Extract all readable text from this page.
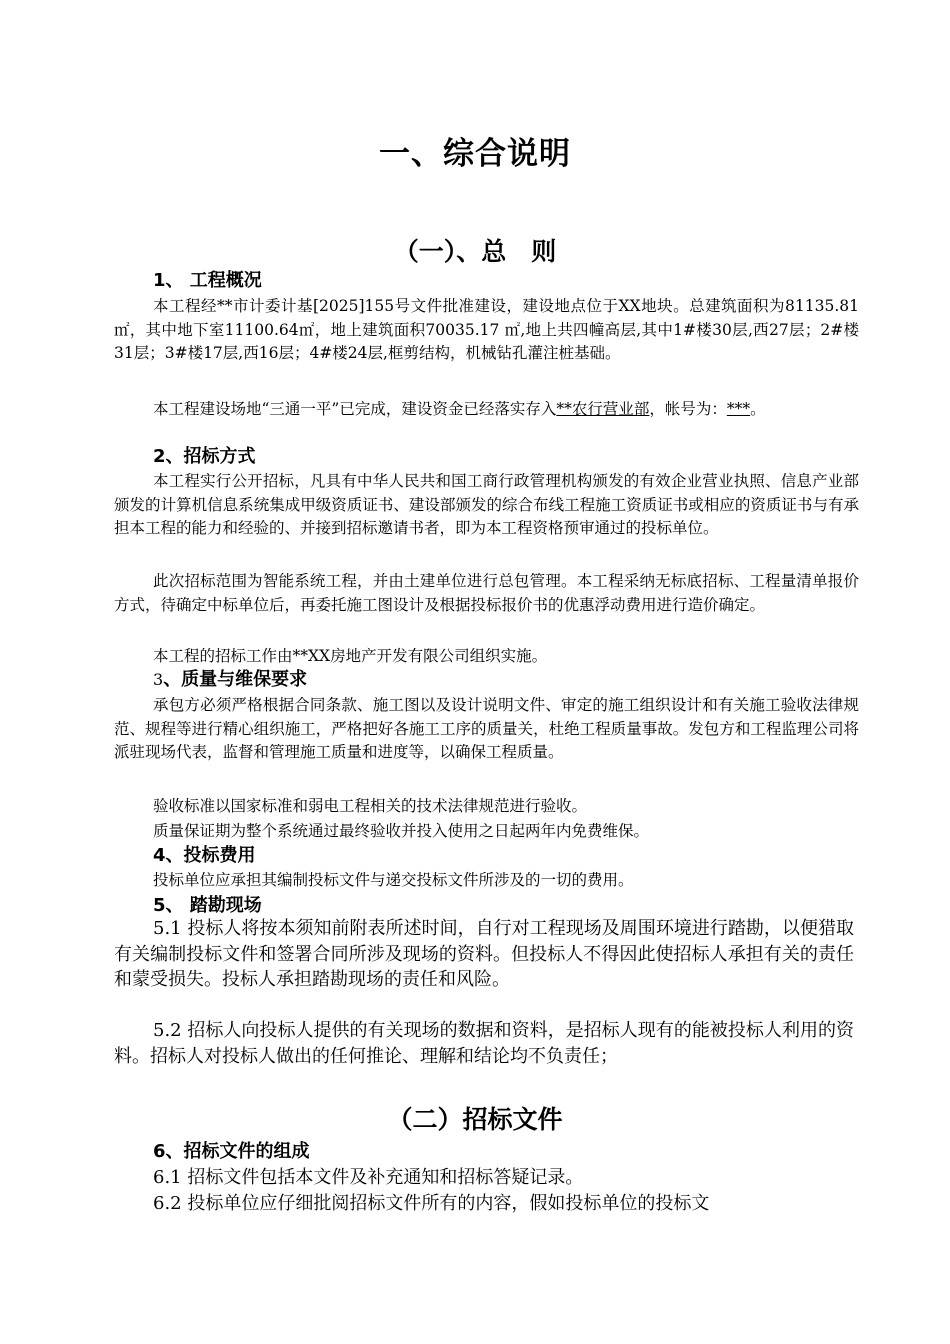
一、综合说明
（一）、总　则
1、 工程概况
本工程经**市计委计基[2025]155号文件批准建设，建设地点位于XX地块。总建筑面积为81135.81㎡，其中地下室11100.64㎡，地上建筑面积70035.17 ㎡,地上共四幢高层,其中1#楼30层,西27层；2#楼31层；3#楼17层,西16层；4#楼24层,框剪结构，机械钻孔灌注桩基础。
本工程建设场地“三通一平”已完成，建设资金已经落实存入**农行营业部，帐号为：***。
2、招标方式
本工程实行公开招标，凡具有中华人民共和国工商行政管理机构颁发的有效企业营业执照、信息产业部颁发的计算机信息系统集成甲级资质证书、建设部颁发的综合布线工程施工资质证书或相应的资质证书与有承担本工程的能力和经验的、并接到招标邀请书者，即为本工程资格预审通过的投标单位。
此次招标范围为智能系统工程，并由土建单位进行总包管理。本工程采纳无标底招标、工程量清单报价方式，待确定中标单位后，再委托施工图设计及根据投标报价书的优惠浮动费用进行造价确定。
本工程的招标工作由**XX房地产开发有限公司组织实施。
3、质量与维保要求
承包方必须严格根据合同条款、施工图以及设计说明文件、审定的施工组织设计和有关施工验收法律规范、规程等进行精心组织施工，严格把好各施工工序的质量关，杜绝工程质量事故。发包方和工程监理公司将派驻现场代表，监督和管理施工质量和进度等，以确保工程质量。
验收标准以国家标准和弱电工程相关的技术法律规范进行验收。
质量保证期为整个系统通过最终验收并投入使用之日起两年内免费维保。
4、投标费用
投标单位应承担其编制投标文件与递交投标文件所涉及的一切的费用。
5、 踏勘现场
5.1 投标人将按本须知前附表所述时间，自行对工程现场及周围环境进行踏勘，以便猎取有关编制投标文件和签署合同所涉及现场的资料。但投标人不得因此使招标人承担有关的责任和蒙受损失。投标人承担踏勘现场的责任和风险。
5.2 招标人向投标人提供的有关现场的数据和资料，是招标人现有的能被投标人利用的资料。招标人对投标人做出的任何推论、理解和结论均不负责任；
（二）招标文件
6、招标文件的组成
6.1 招标文件包括本文件及补充通知和招标答疑记录。
6.2 投标单位应仔细批阅招标文件所有的内容，假如投标单位的投标文
